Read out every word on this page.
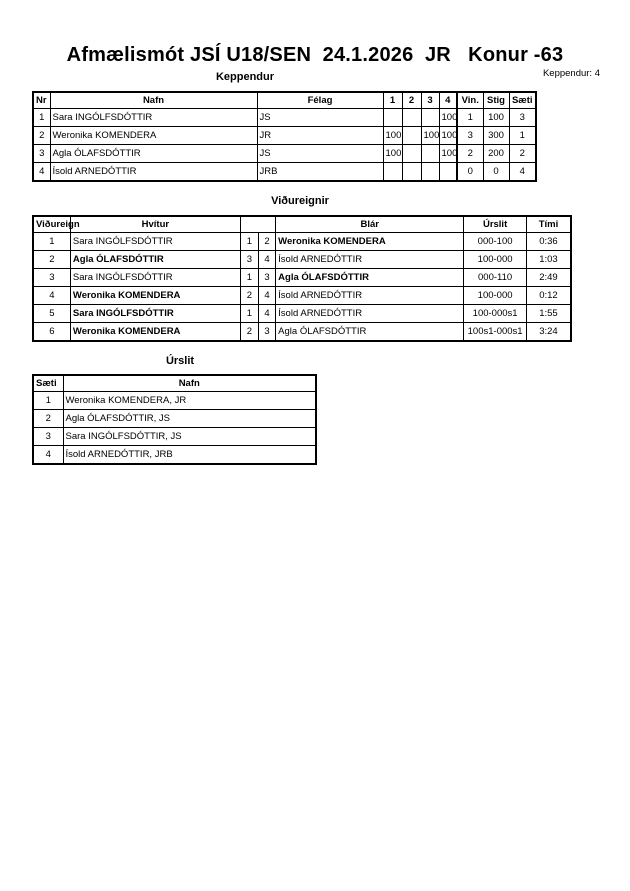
Afmælismót JSÍ U18/SEN  24.1.2026  JR   Konur -63
Keppendur: 4
Keppendur
Nr	Nafn	Félag	1	2	3	4	Vin.	Stig	Sæti
1	Sara INGÓLFSDÓTTIR	JS				100	1	100	3
2	Weronika KOMENDERA	JR	100		100	100	3	300	1
3	Agla ÓLAFSDÓTTIR	JS	100			100	2	200	2
4	Ísold ARNEDÓTTIR	JRB					0	0	4
Viðureignir
Viðureign	Hvítur			Blár	Úrslit	Tími
1	Sara INGÓLFSDÓTTIR	1	2	Weronika KOMENDERA	000-100	0:36
2	Agla ÓLAFSDÓTTIR	3	4	Ísold ARNEDÓTTIR	100-000	1:03
3	Sara INGÓLFSDÓTTIR	1	3	Agla ÓLAFSDÓTTIR	000-110	2:49
4	Weronika KOMENDERA	2	4	Ísold ARNEDÓTTIR	100-000	0:12
5	Sara INGÓLFSDÓTTIR	1	4	Ísold ARNEDÓTTIR	100-000s1	1:55
6	Weronika KOMENDERA	2	3	Agla ÓLAFSDÓTTIR	100s1-000s1	3:24
Úrslit
Sæti	Nafn
1	Weronika KOMENDERA, JR
2	Agla ÓLAFSDÓTTIR, JS
3	Sara INGÓLFSDÓTTIR, JS
4	Ísold ARNEDÓTTIR, JRB
